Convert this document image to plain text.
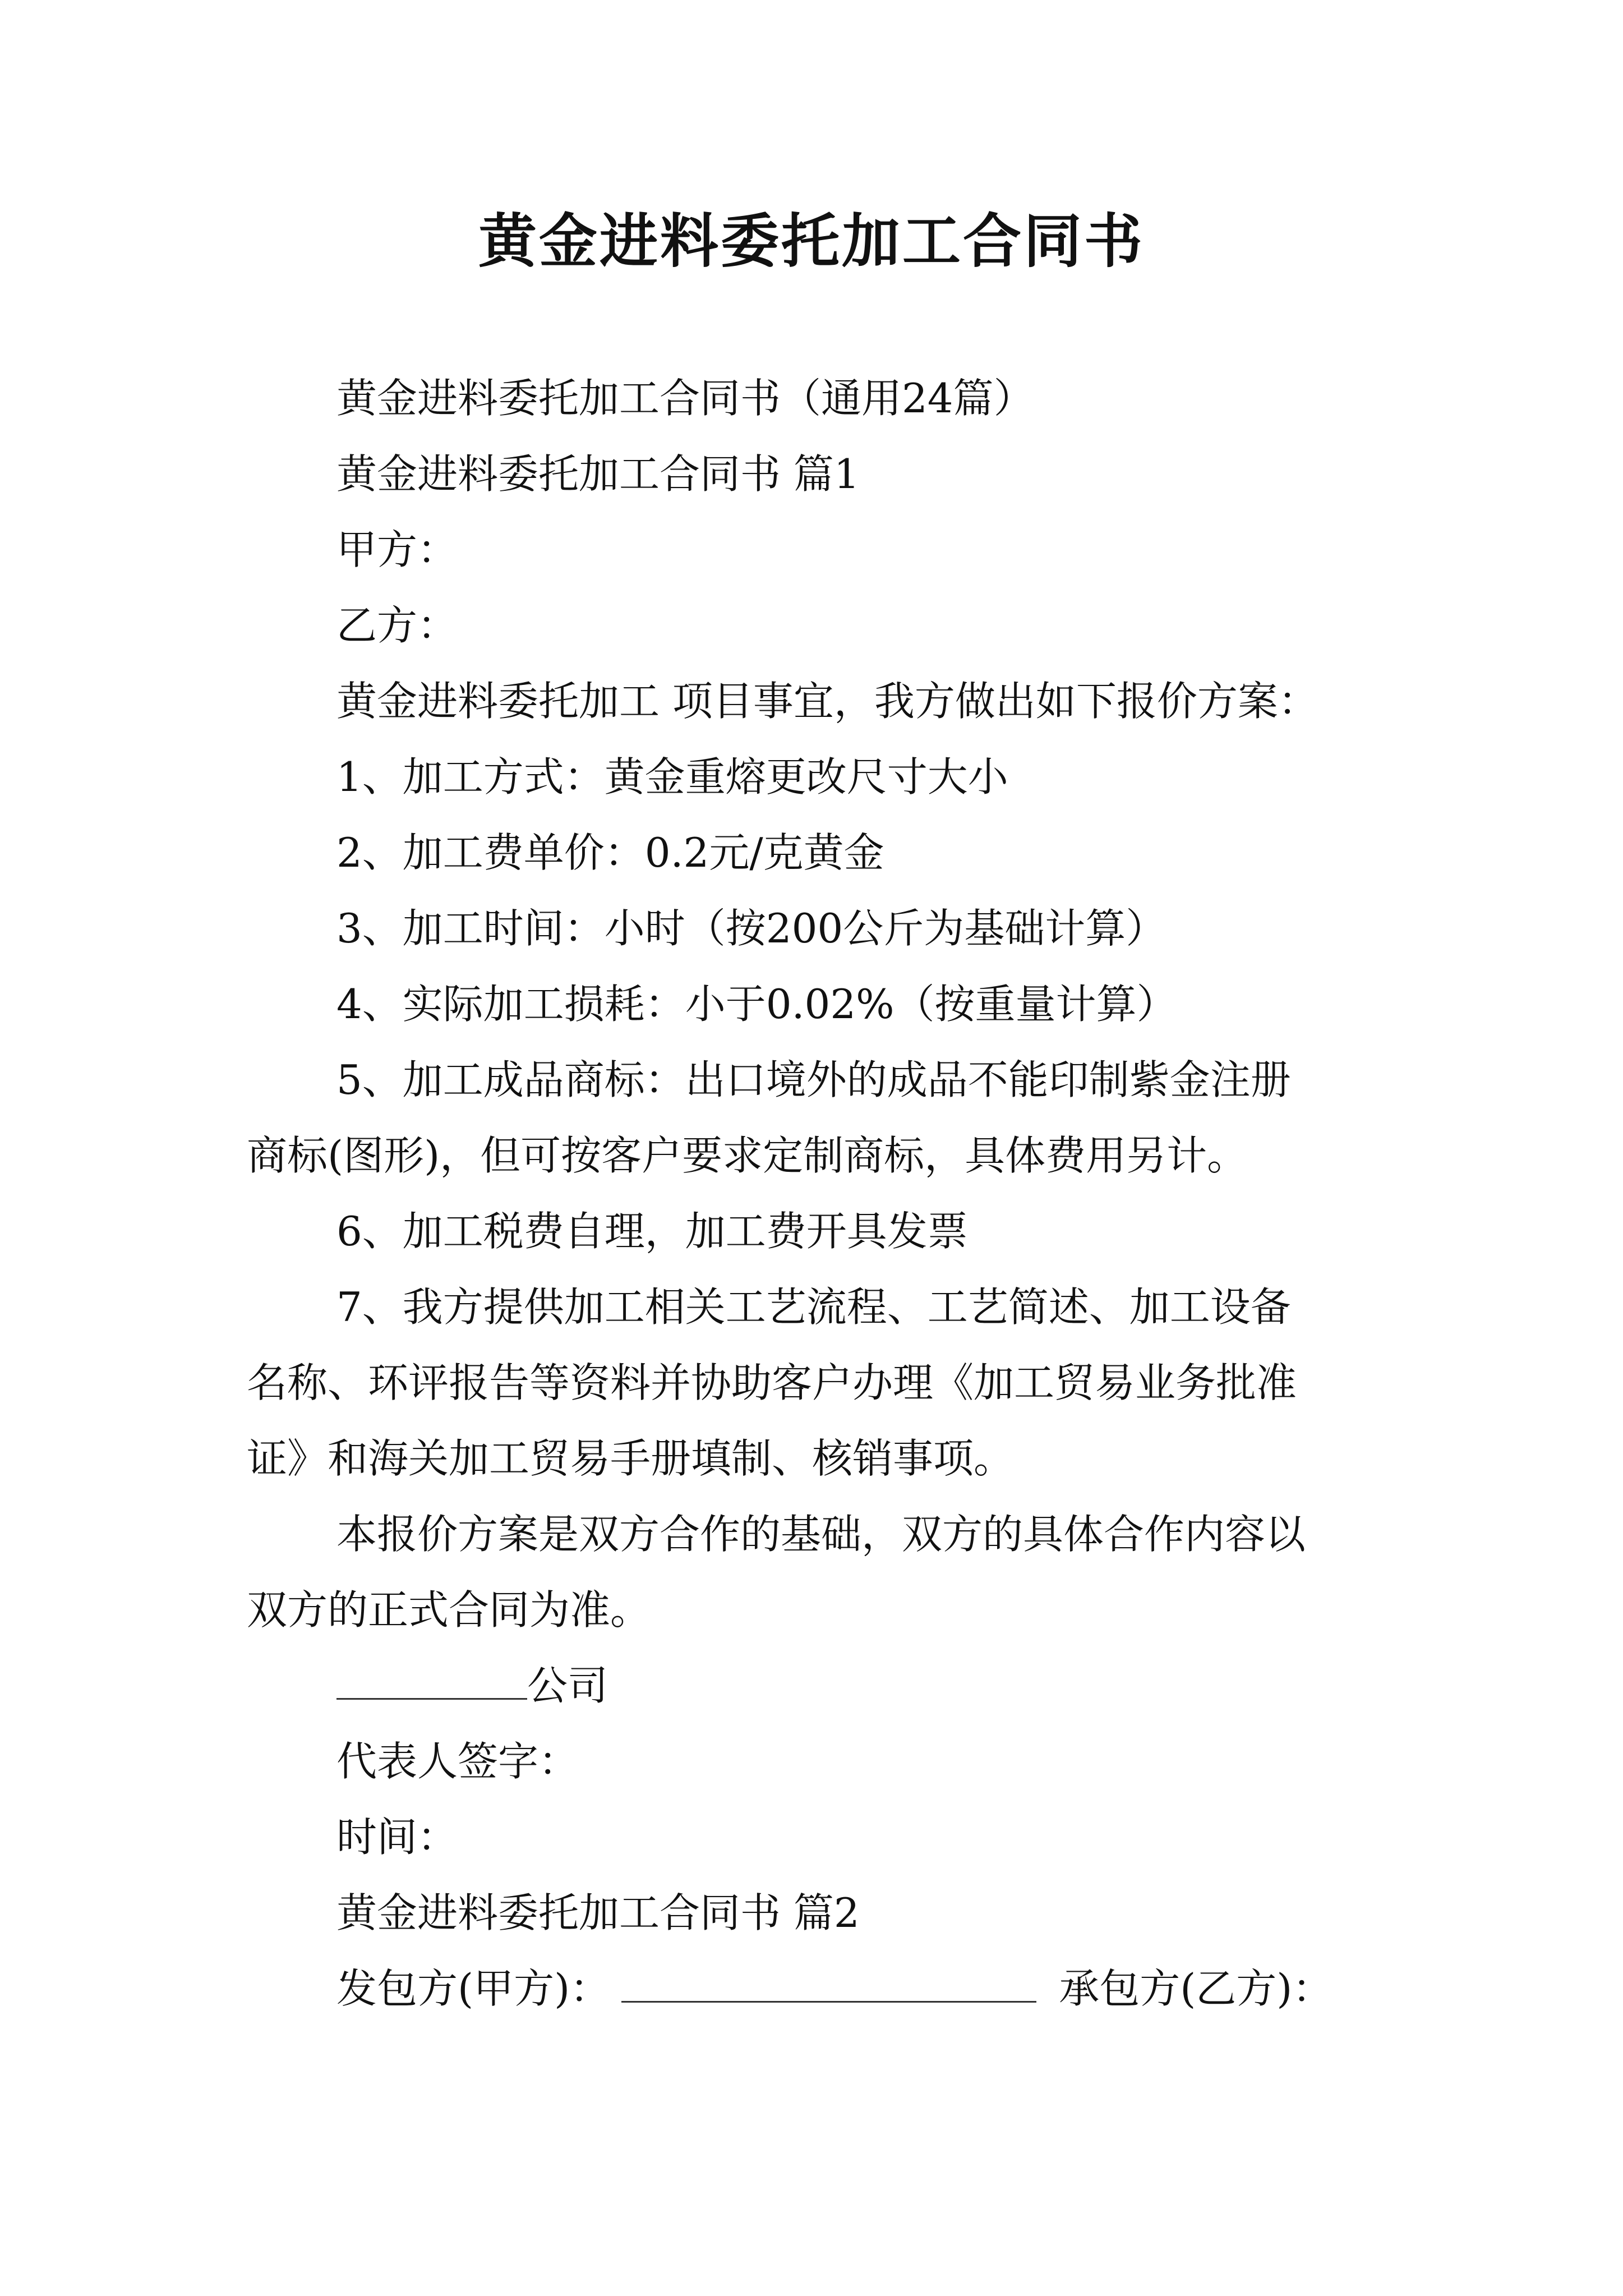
黄金进料委托加工合同书
黄金进料委托加工合同书（通用24篇）
黄金进料委托加工合同书 篇1
甲方：
乙方：
黄金进料委托加工 项目事宜，我方做出如下报价方案：
1、加工方式：黄金重熔更改尺寸大小
2、加工费单价：0.2元/克黄金
3、加工时间：小时（按200公斤为基础计算）
4、实际加工损耗：小于0.02%（按重量计算）
5、加工成品商标：出口境外的成品不能印制紫金注册
商标(图形)，但可按客户要求定制商标，具体费用另计。
6、加工税费自理，加工费开具发票
7、我方提供加工相关工艺流程、工艺简述、加工设备
名称、环评报告等资料并协助客户办理《加工贸易业务批准
证》和海关加工贸易手册填制、核销事项。
本报价方案是双方合作的基础，双方的具体合作内容以
双方的正式合同为准。
公司
代表人签字：
时间：
黄金进料委托加工合同书 篇2
发包方(甲方)：	承包方(乙方)：
